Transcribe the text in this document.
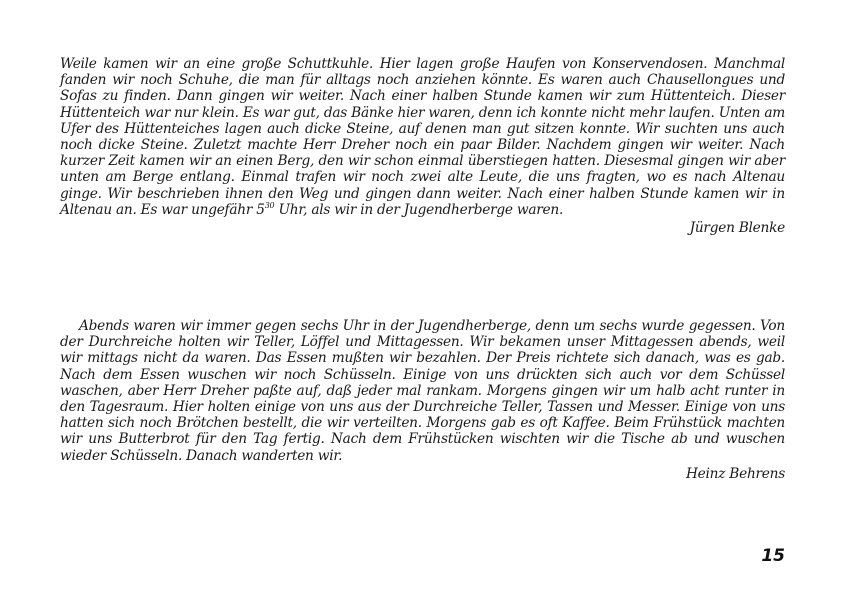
Weile kamen wir an eine große Schuttkuhle. Hier lagen große Haufen von Konservendosen. Manchmal fanden wir noch Schuhe, die man für alltags noch anziehen könnte. Es waren auch Chausellongues und Sofas zu finden. Dann gingen wir weiter. Nach einer halben Stunde kamen wir zum Hüttenteich. Dieser Hüttenteich war nur klein. Es war gut, das Bänke hier waren, denn ich konnte nicht mehr laufen. Unten am Ufer des Hüttenteiches lagen auch dicke Steine, auf denen man gut sitzen konnte. Wir suchten uns auch noch dicke Steine. Zuletzt machte Herr Dreher noch ein paar Bilder. Nachdem gingen wir weiter. Nach kurzer Zeit kamen wir an einen Berg, den wir schon einmal überstiegen hatten. Diesesmal gingen wir aber unten am Berge entlang. Einmal trafen wir noch zwei alte Leute, die uns fragten, wo es nach Altenau ginge. Wir beschrieben ihnen den Weg und gingen dann weiter. Nach einer halben Stunde kamen wir in Altenau an. Es war ungefähr $5^{30}$ Uhr, als wir in der Jugendherberge waren.

Jürgen Blenke

Abends waren wir immer gegen sechs Uhr in der Jugendherberge, denn um sechs wurde gegessen. Von der Durchreiche holten wir Teller, Löffel und Mittagessen. Wir bekamen unser Mittagessen abends, weil wir mittags nicht da waren. Das Essen mußten wir bezahlen. Der Preis richtete sich danach, was es gab. Nach dem Essen wuschen wir noch Schüsseln. Einige von uns drückten sich auch vor dem Schüssel waschen, aber Herr Dreher paßte auf, daß jeder mal rankam. Morgens gingen wir um halb acht runter in den Tagesraum. Hier holten einige von uns aus der Durchreiche Teller, Tassen und Messer. Einige von uns hatten sich noch Brötchen bestellt, die wir verteilten. Morgens gab es oft Kaffee. Beim Frühstück machten wir uns Butterbrot für den Tag fertig. Nach dem Frühstücken wischten wir die Tische ab und wuschen wieder Schüsseln. Danach wanderten wir.

Heinz Behrens

15
